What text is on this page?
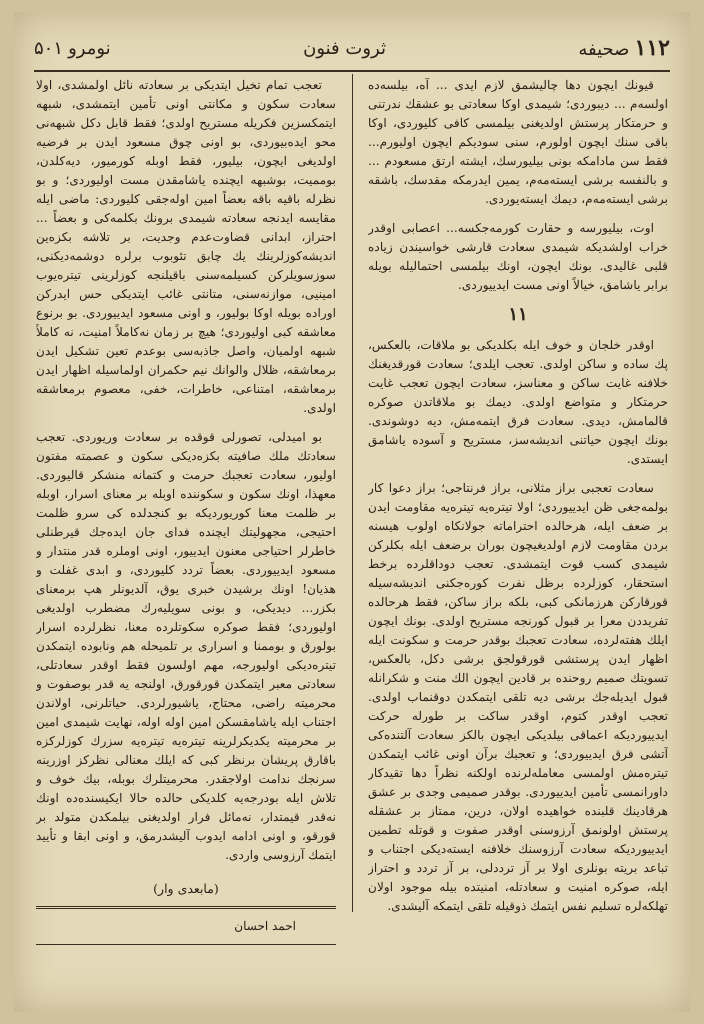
۱۱۲ صحیفه
ثروت فنون
نومرو ۵۰۱

قیونك ایچون دها چالیشمق لازم ایدی ... آه، بیلسه‌ده اولسه‌م ... دیبوردی؛ شیمدی اوکا سعادتی بو عشقك ندرتنی و حرمتکار پرستش اولدیغنی بیلمسی کافی کلیوردی، اوکا باقی سنك ایچون اولورم، سنی سودیکم ایچون اولیورم... فقط سن مادامکه بونی بیلیورسك، ایشته ارتق مسعودم ... و بالنفسه برشی ایسته‌مه‌م، یمین ایدرمکه مقدسك، باشقه برشی ایسته‌مه‌م، دیمك ایسته‌یوردی.

اوت، بیلیورسه و حقارت کورمه‌جکسه... اعصابی اوقدر خراب اولشدیکه شیمدی سعادت قارشی خواسیندن زیاده قلبی غالیدی. بونك ایچون، اونك بیلمسی احتمالیله بویله برابر یاشامق، خیالاً اونی مست ایدییوردی.

۱۱

اوقدر خلجان و خوف ایله بکلدیکی بو ملاقات، بالعکس، پك ساده و ساکن اولدی. تعجب ایلدی؛ سعادت قورقدیغنك خلافنه غایت ساکن و معناسز، سعادت ایچون تعجب غایت حرمتکار و متواضع اولدی. دیمك بو ملاقاتدن صوکره قالمامش، دیدی. سعادت فرق ایتمه‌مش، دیه دوشوندی. بونك ایچون حیاتنی اندیشه‌سز، مستریح و آسوده یاشامق ایستدی.

سعادت تعجبی براز مثلانی، براز فرنتاجی؛ براز دعوا کار بولمه‌جغی ظن ایدییوردی؛ اولا تیتره‌یه تیتره‌یه مقاومت ایدن بر ضعف ایله، هرحالده احتراماته جولانکاه اولوب هیسنه بردن مقاومت لازم اولدیغیچون بوران برضعف ایله بکلرکن شیمدی کسب قوت ایتمشدی. تعجب دوداقلرده برخط استحقار، کوزلرده برظل نفرت کوره‌جکنی اندیشه‌سیله قورقارکن هرزمانکی کبی، بلکه براز ساکن، فقط هرحالده تفریددن معرا بر قبول کورنجه مستریح اولدی. بونك ایچون ایلك هفته‌لرده، سعادت تعجبك بوقدر حرمت و سکونت ایله اظهار ایدن پرستشی قورقولجق برشی دکل، بالعکس، تسویتك صمیم روحنده بر قادین ایچون الك منت و شکرانله قبول ایدیله‌جك برشی دیه تلقی ایتمکدن دوقنماب اولدی. تعجب اوقدر کتوم، اوقدر ساکت بر طورله حرکت ایدییوردیکه اعماقی بیلدیکی ایچون بالکز سعادت آلتنده‌کی آتشی فرق ایدییوردی؛ و تعجبك برآن اونی غائب ایتمکدن تیتره‌مش اولمسی معامله‌لرنده اولکنه نظراً دها تقیدکار داورانمسی تأمین ایدییوردی. بوقدر صمیمی وجدی بر عشق هرقادینك قلبنده خواهیده اولان، درین، ممتاز بر عشقله پرستش اولونمق آرزوسنی اوقدر صفوت و قوتله تطمین ایدییوردیکه سعادت آرزوسنك خلافنه ایسته‌دیکی اجتناب و تباعد بریته بونلری اولا بر آز ترددلی، بر آز تردد و احتراز ایله، صوکره امنیت و سعادتله، امنیتده بیله موجود اولان تهلکه‌لره تسلیم نفس ایتمك ذوقیله تلقی ایتمکه آلیشدی.

تعجب تمام تخیل ایتدیکی بر سعادته نائل اولمشدی، اولا سعادت سکون و مکانتی اونی تأمین ایتمشدی، شبهه ایتمکسزین فکریله مستریح اولدی؛ فقط قابل دکل شبهه‌نی محو ایده‌بیوردی، بو اونی چوق مسعود ایدن بر فرضیه اولدیغی ایچون، بیلیور، فقط اوبله کورمیور، دیه‌کلدن، بوممیت، بوشبهه ایچنده یاشامقدن مست اولیوردی؛ و بو نظرله باقیه باقه بعضاً امین اوله‌جقی کلیوردی: ماضی ایله مقایسه ایدنجه سعادته شیمدی برونك بکلمه‌کی و بعضاً ... احتراز، ابدانی قضاوت‌عدم وجدیت، بر تلاشه بکزه‌ین اندیشه‌کوزلرینك یك چابق تئوبوب برلره دوشمه‌دیکنی، سوزسویلرکن کسیلمه‌سنی باقیلنجه کوزلرینی تیتره‌یوب امینیی، موازنه‌سنی، متانتی غائب ایتدیکی حس ایدرکن اوراده بویله اوکا بولیور، و اونی مسعود ایدییوردی. بو برنوع معاشقه کبی اولیوردی؛ هیچ بر زمان نه‌کاملاً امنیت، نه کاملاً شبهه اولمیان، واصل جاذبه‌سی بوعدم تعین تشکیل ایدن برمعاشقه، ظلال والوانك نیم حکمران اولماسیله اظهار ایدن برمعاشقه، امتناعی، خاطرات، خفی، معصوم برمعاشقه اولدی.

بو امیدلی، تصورلی قوقده بر سعادت وریوردی. تعجب سعادتك ملك صافیته بکزه‌دیکی سکون و عصمته مفتون اولیور، سعادت تعجبك حرمت و کتمانه منشکر قالیوردی. معهذا، اونك سکون و سکوننده اوبله بر معنای اسرار، اوبله بر ظلمت معنا کوریوردیکه بو کنجدلده کی سرو ظلمت احتیجی، مجهولیتك ایچنده فدای جان ایده‌جك قیرطنلی خاطرلر احتیاجی معنون ایدییور، اونی اوملره قدر منتدار و مسعود ایدییوردی. بعضاً تردد کلیوردی، و ابدی غفلت و هذیان! اونك برشیدن خبری یوق، آلدیونلر هپ برمعنای بکزر... دیدیکی، و بونی سویلیه‌رك مضطرب اولدیغی اولیوردی؛ فقط صوکره سکوتلرده معنا، نظرلرده اسرار بولورق و بوممنا و اسراری بر تلمیحله هم ونابوده ایتمکدن تیتره‌دیکی اولیورجه، مهم اولسون فقط اوقدر سعادتلی، سعادتی معبر ایتمکدن قورقورق، اولنجه یه قدر بوصفوت و محرمیته راضی، محتاج، یاشیورلردی. حیاتلرنی، اولاندن اجتناب ایله یاشامقسکن امین اوله اوله، نهایت شیمدی امین بر محرمیته یکدیکرلرینه تیتره‌یه تیتره‌یه سزرك کوزلرکزه باقارق پریشان برنظر کبی که ایلك معنالی نظرکز اوزرینه سرنجك ندامت اولاجقدر. محرمیتلرك بوبله، بیك خوف و تلاش ایله بودرجه‌یه کلدیکی حالده حالا ایکیسنده‌ده اونك نه‌قدر قیمتدار، نه‌مائل فرار اولدیغنی بیلمکدن متولد بر قورقو، و اونی ادامه ایدوب آلیشدرمق، و اونی ابقا و تأیید ایتمك آرزوسی واردی.

(مابعدی وار)
احمد احسان
